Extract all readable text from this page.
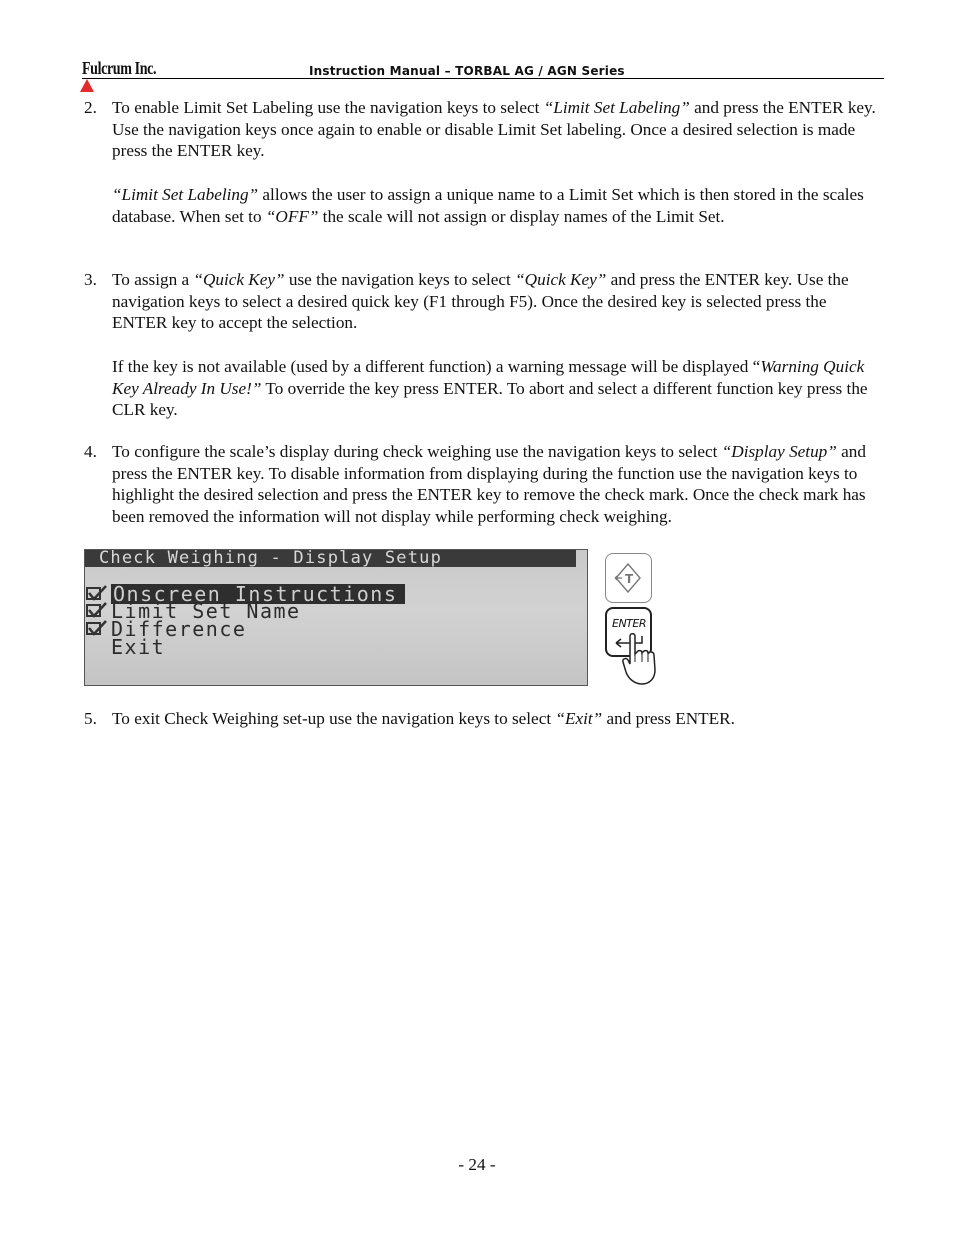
Fulcrum Inc.	Instruction Manual – TORBAL AG / AGN Series
2. To enable Limit Set Labeling use the navigation keys to select “Limit Set Labeling” and press the ENTER key. Use the navigation keys once again to enable or disable Limit Set labeling. Once a desired selection is made press the ENTER key.

“Limit Set Labeling” allows the user to assign a unique name to a Limit Set which is then stored in the scales database. When set to “OFF” the scale will not assign or display names of the Limit Set.

3. To assign a “Quick Key” use the navigation keys to select “Quick Key” and press the ENTER key. Use the navigation keys to select a desired quick key (F1 through F5). Once the desired key is selected press the ENTER key to accept the selection.

If the key is not available (used by a different function) a warning message will be displayed “Warning Quick Key Already In Use!” To override the key press ENTER. To abort and select a different function key press the CLR key.

4. To configure the scale’s display during check weighing use the navigation keys to select “Display Setup” and press the ENTER key. To disable information from displaying during the function use the navigation keys to highlight the desired selection and press the ENTER key to remove the check mark. Once the check mark has been removed the information will not display while performing check weighing.

Check Weighing - Display Setup
Onscreen Instructions
Limit Set Name
Difference
Exit
T
ENTER
5. To exit Check Weighing set-up use the navigation keys to select “Exit” and press ENTER.

- 24 -
